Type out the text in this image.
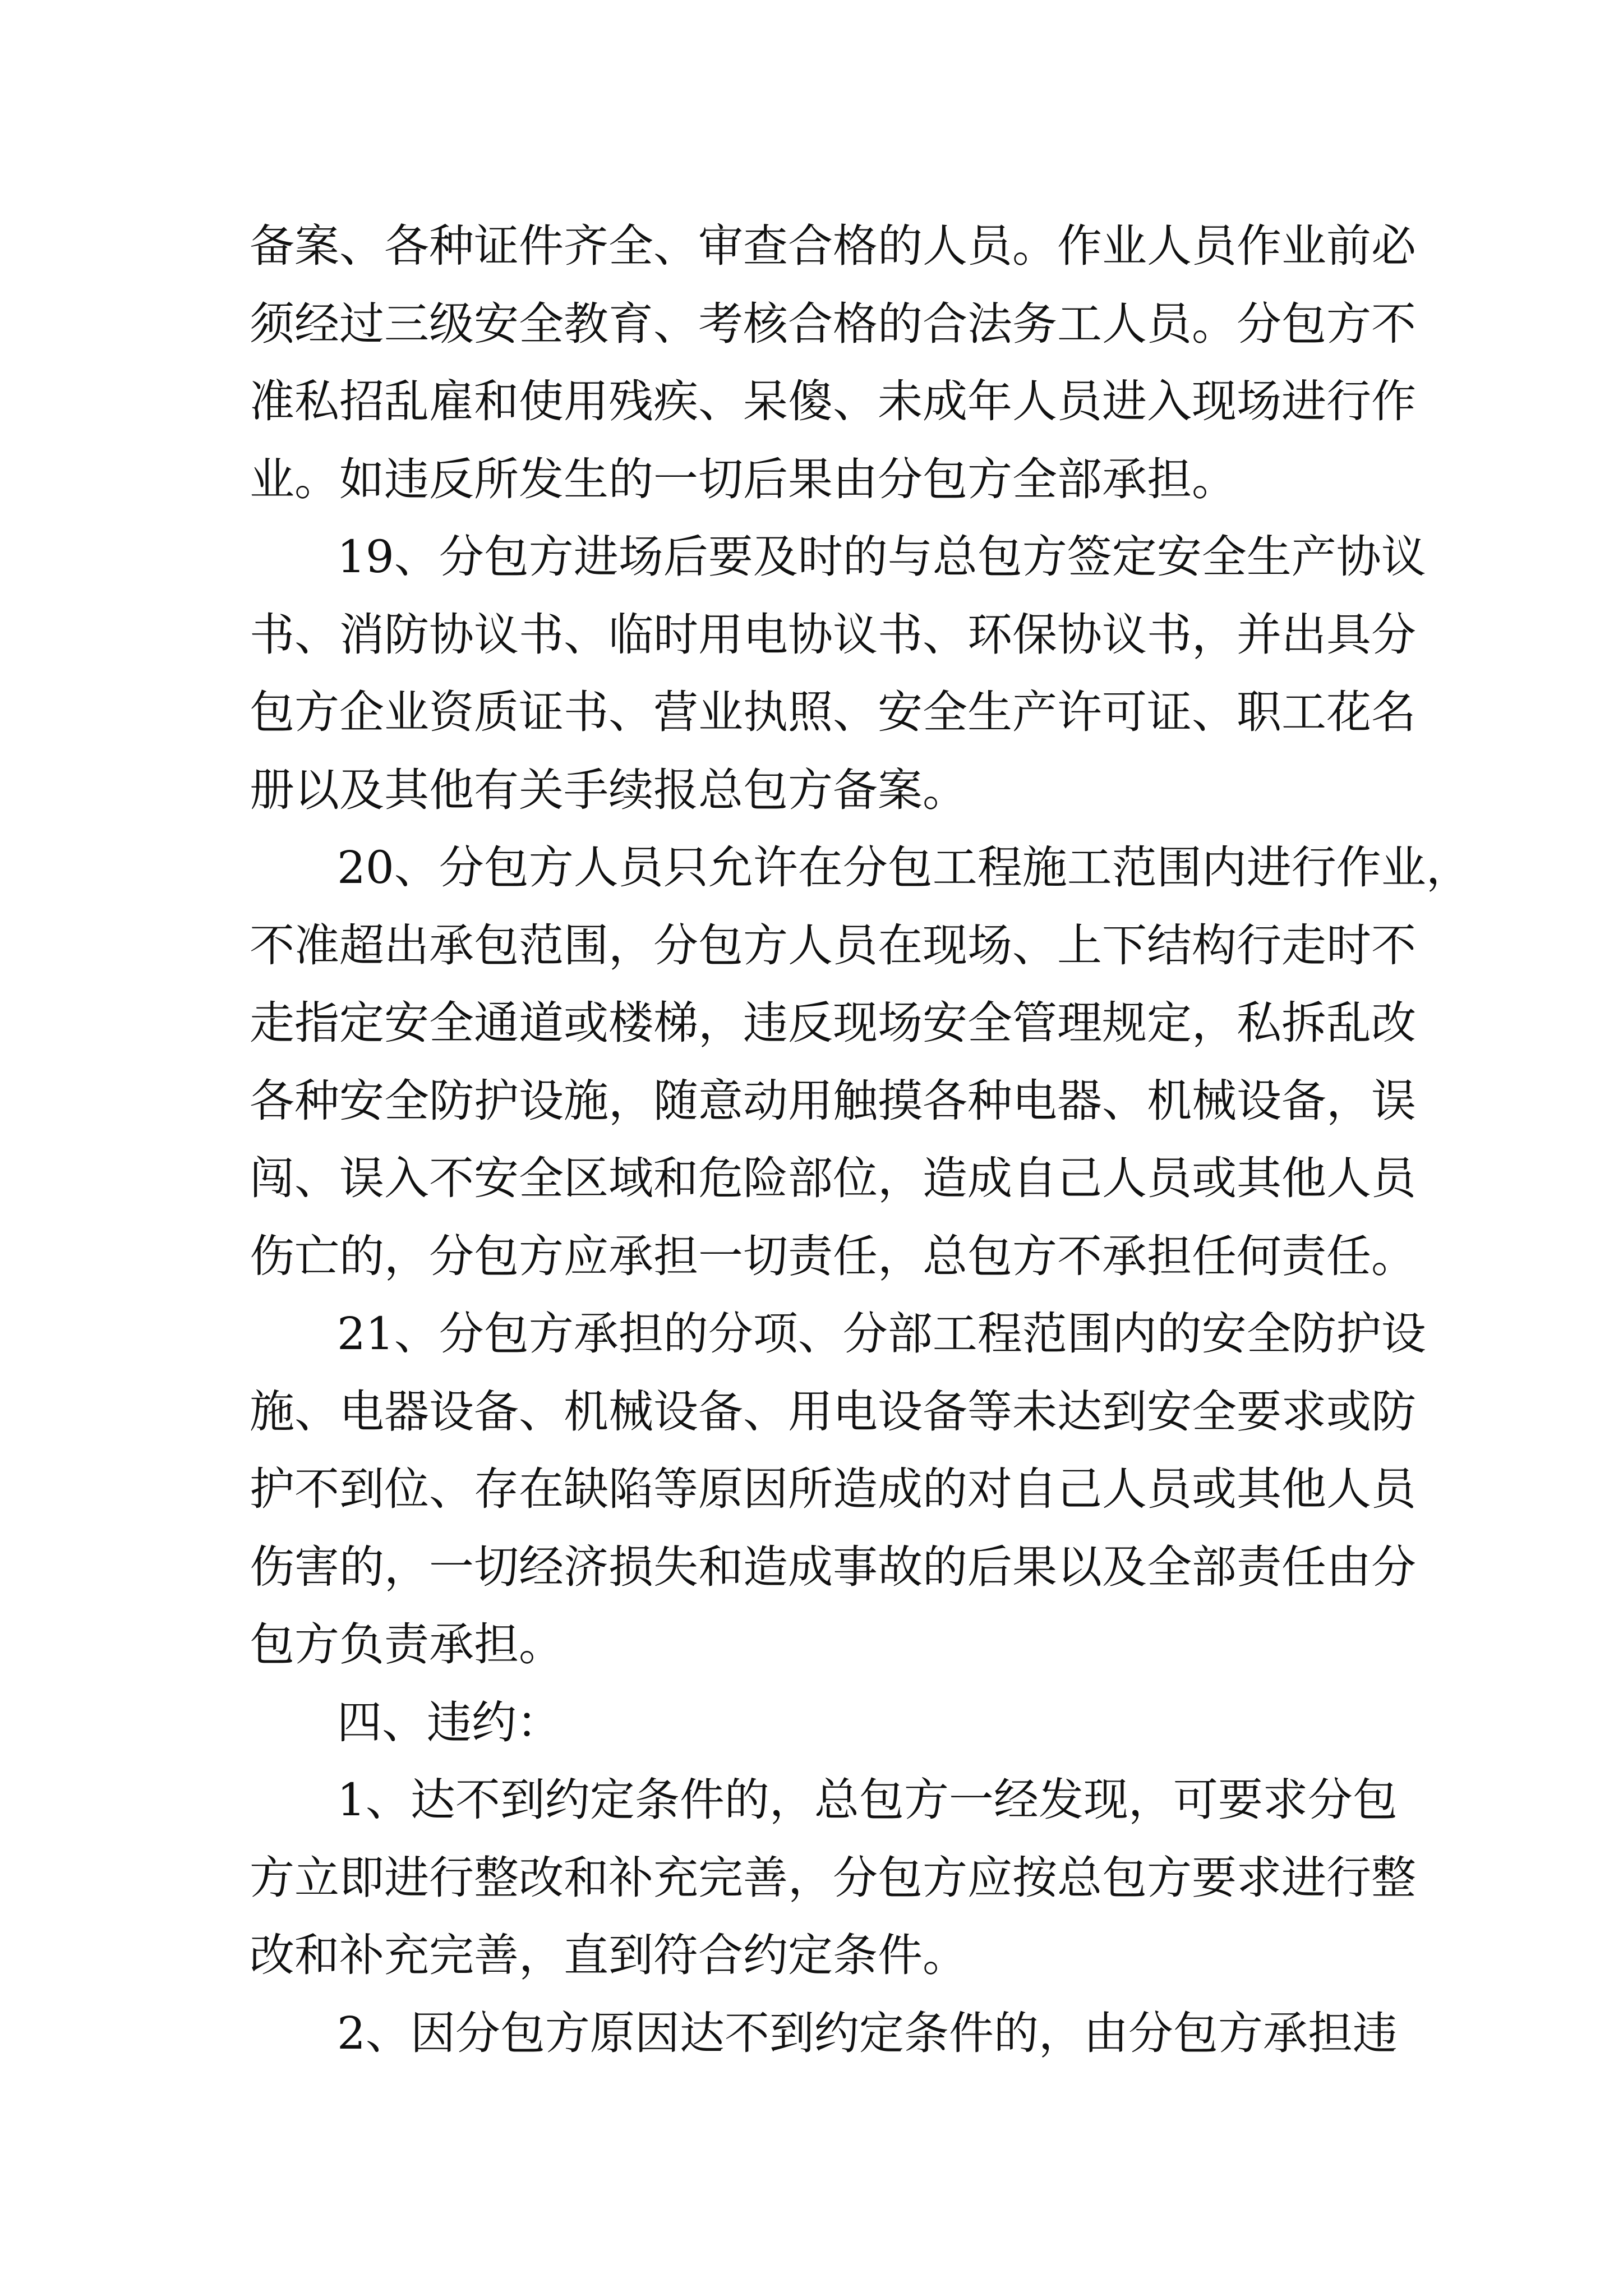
备案、各种证件齐全、审查合格的人员。作业人员作业前必
须经过三级安全教育、考核合格的合法务工人员。分包方不
准私招乱雇和使用残疾、呆傻、未成年人员进入现场进行作
业。如违反所发生的一切后果由分包方全部承担。
19、分包方进场后要及时的与总包方签定安全生产协议
书、消防协议书、临时用电协议书、环保协议书，并出具分
包方企业资质证书、营业执照、安全生产许可证、职工花名
册以及其他有关手续报总包方备案。
20、分包方人员只允许在分包工程施工范围内进行作业，
不准超出承包范围，分包方人员在现场、上下结构行走时不
走指定安全通道或楼梯，违反现场安全管理规定，私拆乱改
各种安全防护设施，随意动用触摸各种电器、机械设备，误
闯、误入不安全区域和危险部位，造成自己人员或其他人员
伤亡的，分包方应承担一切责任，总包方不承担任何责任。
21、分包方承担的分项、分部工程范围内的安全防护设
施、电器设备、机械设备、用电设备等未达到安全要求或防
护不到位、存在缺陷等原因所造成的对自己人员或其他人员
伤害的，一切经济损失和造成事故的后果以及全部责任由分
包方负责承担。
四、违约：
1、达不到约定条件的，总包方一经发现，可要求分包
方立即进行整改和补充完善，分包方应按总包方要求进行整
改和补充完善，直到符合约定条件。
2、因分包方原因达不到约定条件的，由分包方承担违
